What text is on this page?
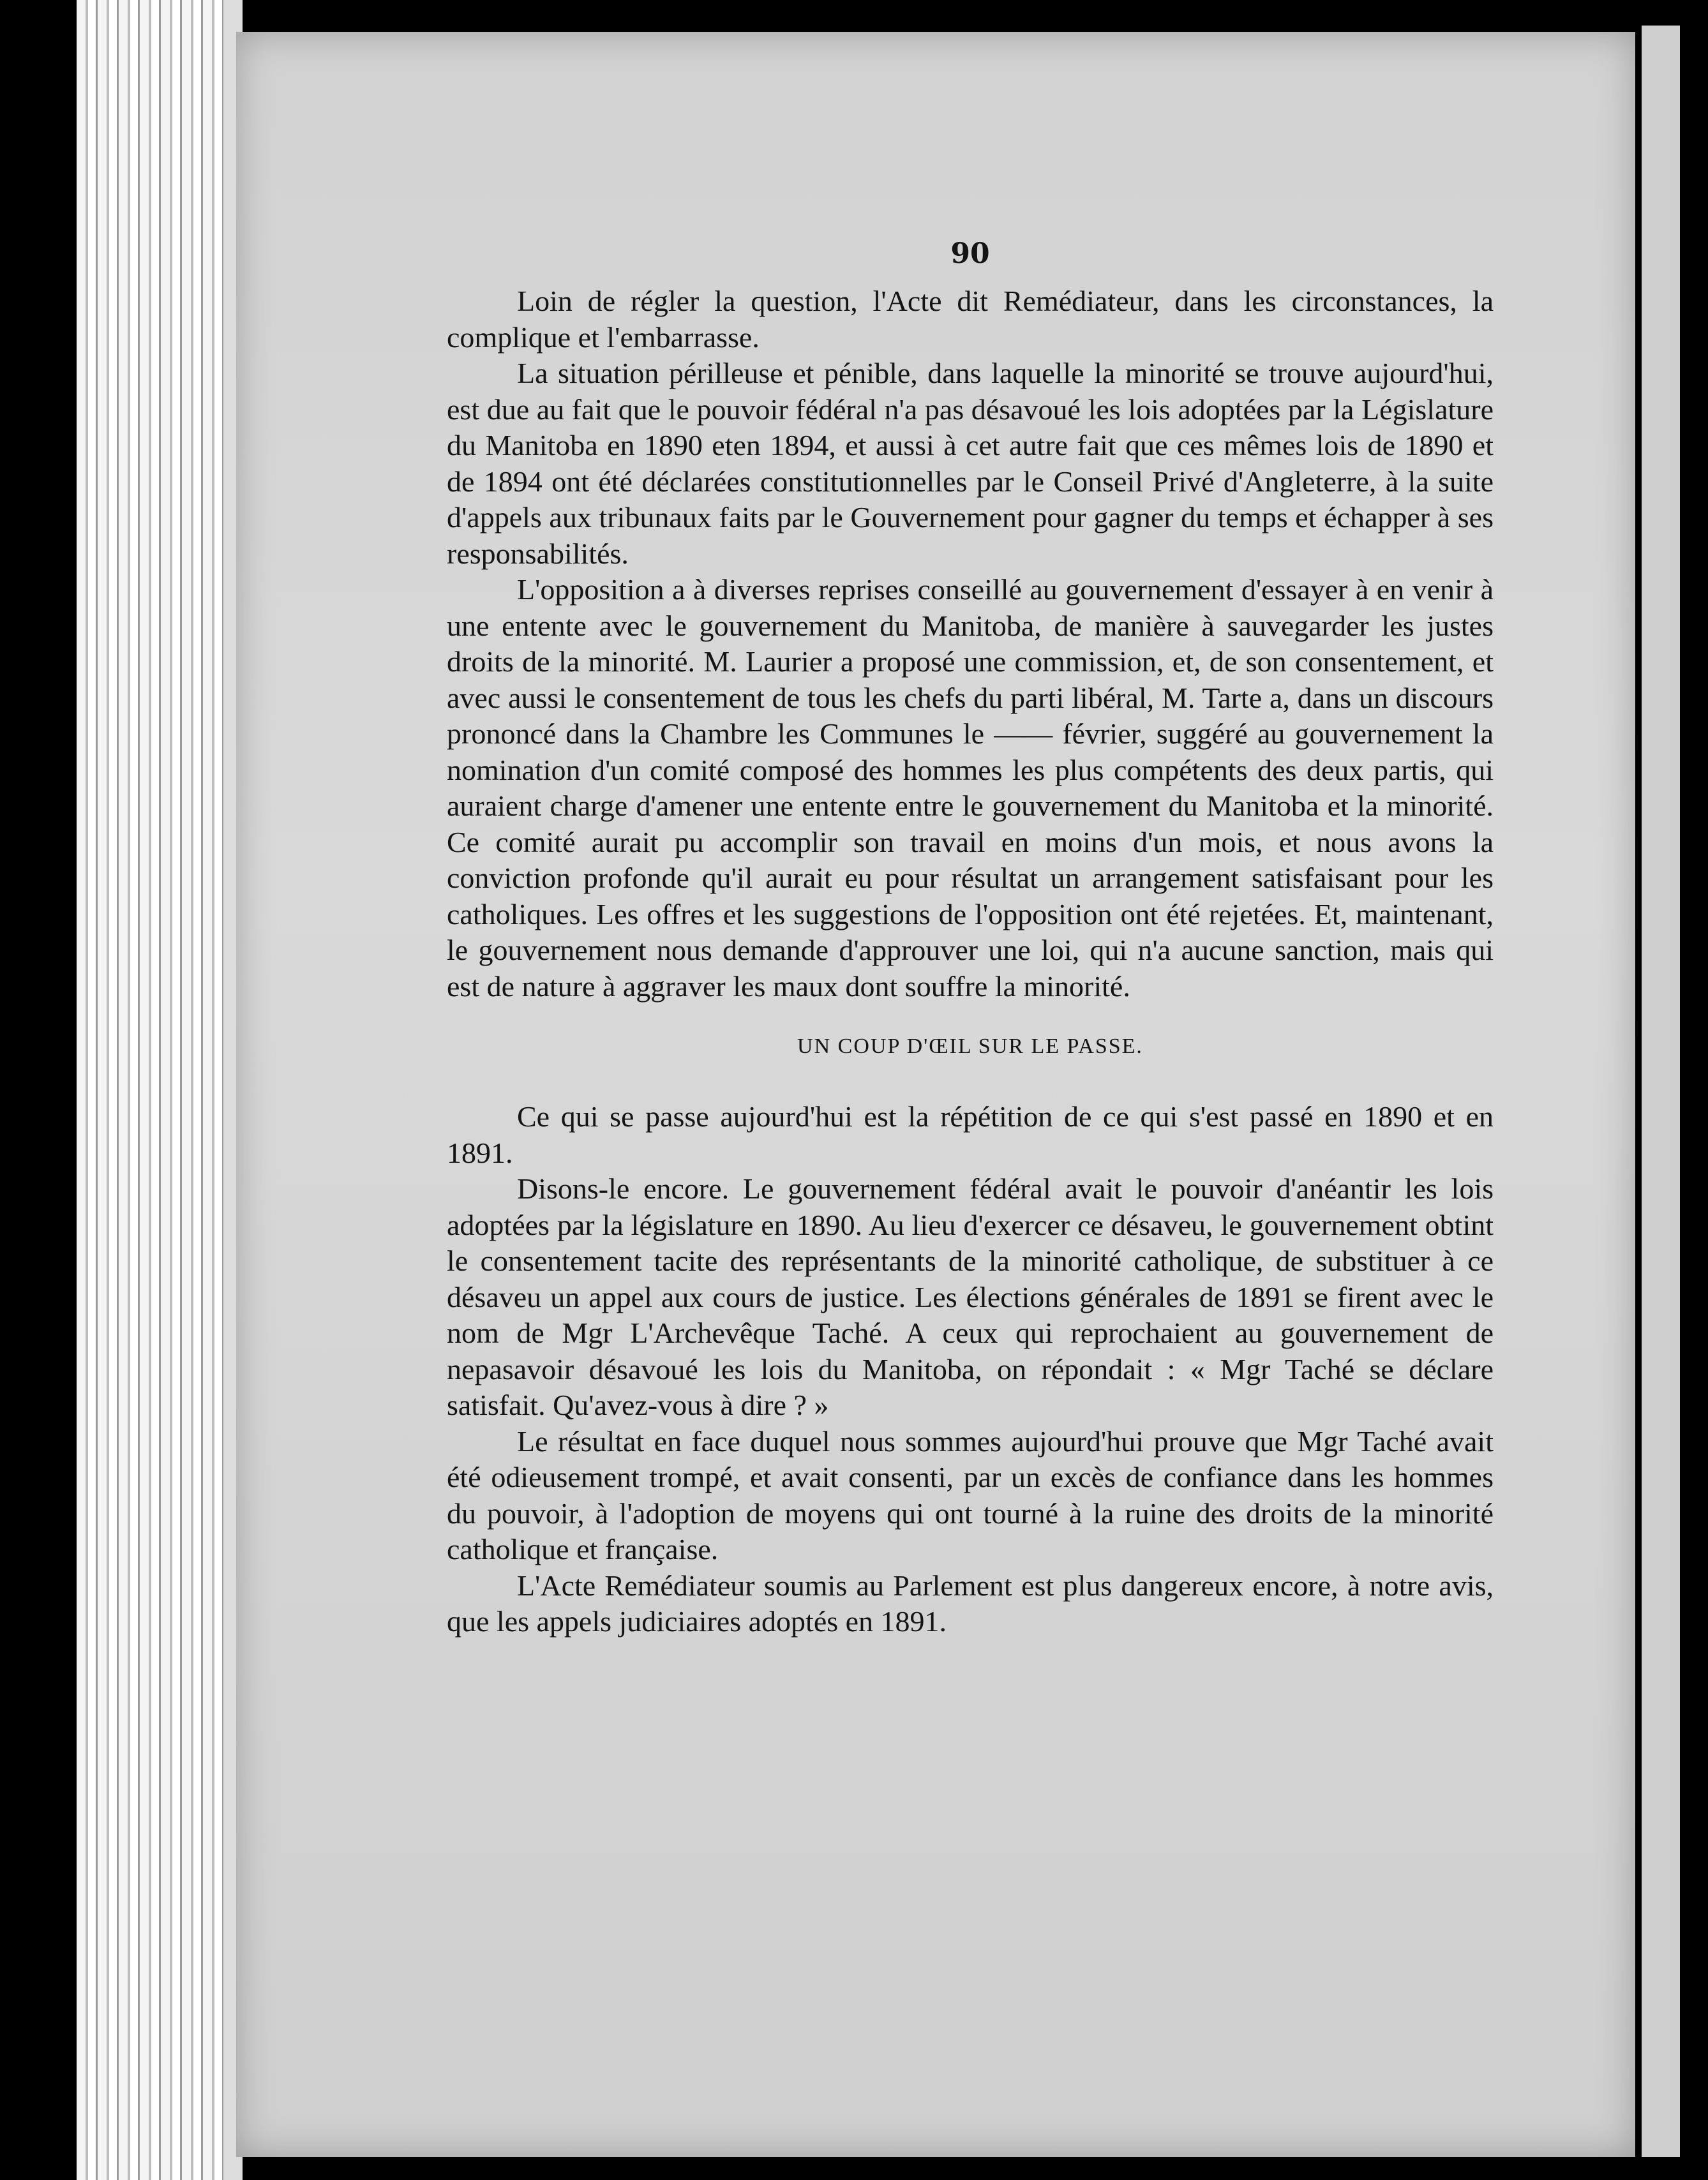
90

Loin de régler la question, l'Acte dit Remédiateur, dans les circonstances, la complique et l'embarrasse.

La situation périlleuse et pénible, dans laquelle la minorité se trouve aujourd'hui, est due au fait que le pouvoir fédéral n'a pas désavoué les lois adoptées par la Législature du Manitoba en 1890 eten 1894, et aussi à cet autre fait que ces mêmes lois de 1890 et de 1894 ont été déclarées constitutionnelles par le Conseil Privé d'Angleterre, à la suite d'appels aux tribunaux faits par le Gouvernement pour gagner du temps et échapper à ses responsabilités.

L'opposition a à diverses reprises conseillé au gouvernement d'essayer à en venir à une entente avec le gouvernement du Manitoba, de manière à sauvegarder les justes droits de la minorité. M. Laurier a proposé une commission, et, de son consentement, et avec aussi le consentement de tous les chefs du parti libéral, M. Tarte a, dans un discours prononcé dans la Chambre les Communes le —— février, suggéré au gouvernement la nomination d'un comité composé des hommes les plus compétents des deux partis, qui auraient charge d'amener une entente entre le gouvernement du Manitoba et la minorité. Ce comité aurait pu accomplir son travail en moins d'un mois, et nous avons la conviction profonde qu'il aurait eu pour résultat un arrangement satisfaisant pour les catholiques. Les offres et les suggestions de l'opposition ont été rejetées. Et, maintenant, le gouvernement nous demande d'approuver une loi, qui n'a aucune sanction, mais qui est de nature à aggraver les maux dont souffre la minorité.

UN COUP D'ŒIL SUR LE PASSE.

Ce qui se passe aujourd'hui est la répétition de ce qui s'est passé en 1890 et en 1891.

Disons-le encore. Le gouvernement fédéral avait le pouvoir d'anéantir les lois adoptées par la législature en 1890. Au lieu d'exercer ce désaveu, le gouvernement obtint le consentement tacite des représentants de la minorité catholique, de substituer à ce désaveu un appel aux cours de justice. Les élections générales de 1891 se firent avec le nom de Mgr L'Archevêque Taché. A ceux qui reprochaient au gouvernement de nepasavoir désavoué les lois du Manitoba, on répondait : « Mgr Taché se déclare satisfait. Qu'avez-vous à dire ? »

Le résultat en face duquel nous sommes aujourd'hui prouve que Mgr Taché avait été odieusement trompé, et avait consenti, par un excès de confiance dans les hommes du pouvoir, à l'adoption de moyens qui ont tourné à la ruine des droits de la minorité catholique et française.

L'Acte Remédiateur soumis au Parlement est plus dangereux encore, à notre avis, que les appels judiciaires adoptés en 1891.
